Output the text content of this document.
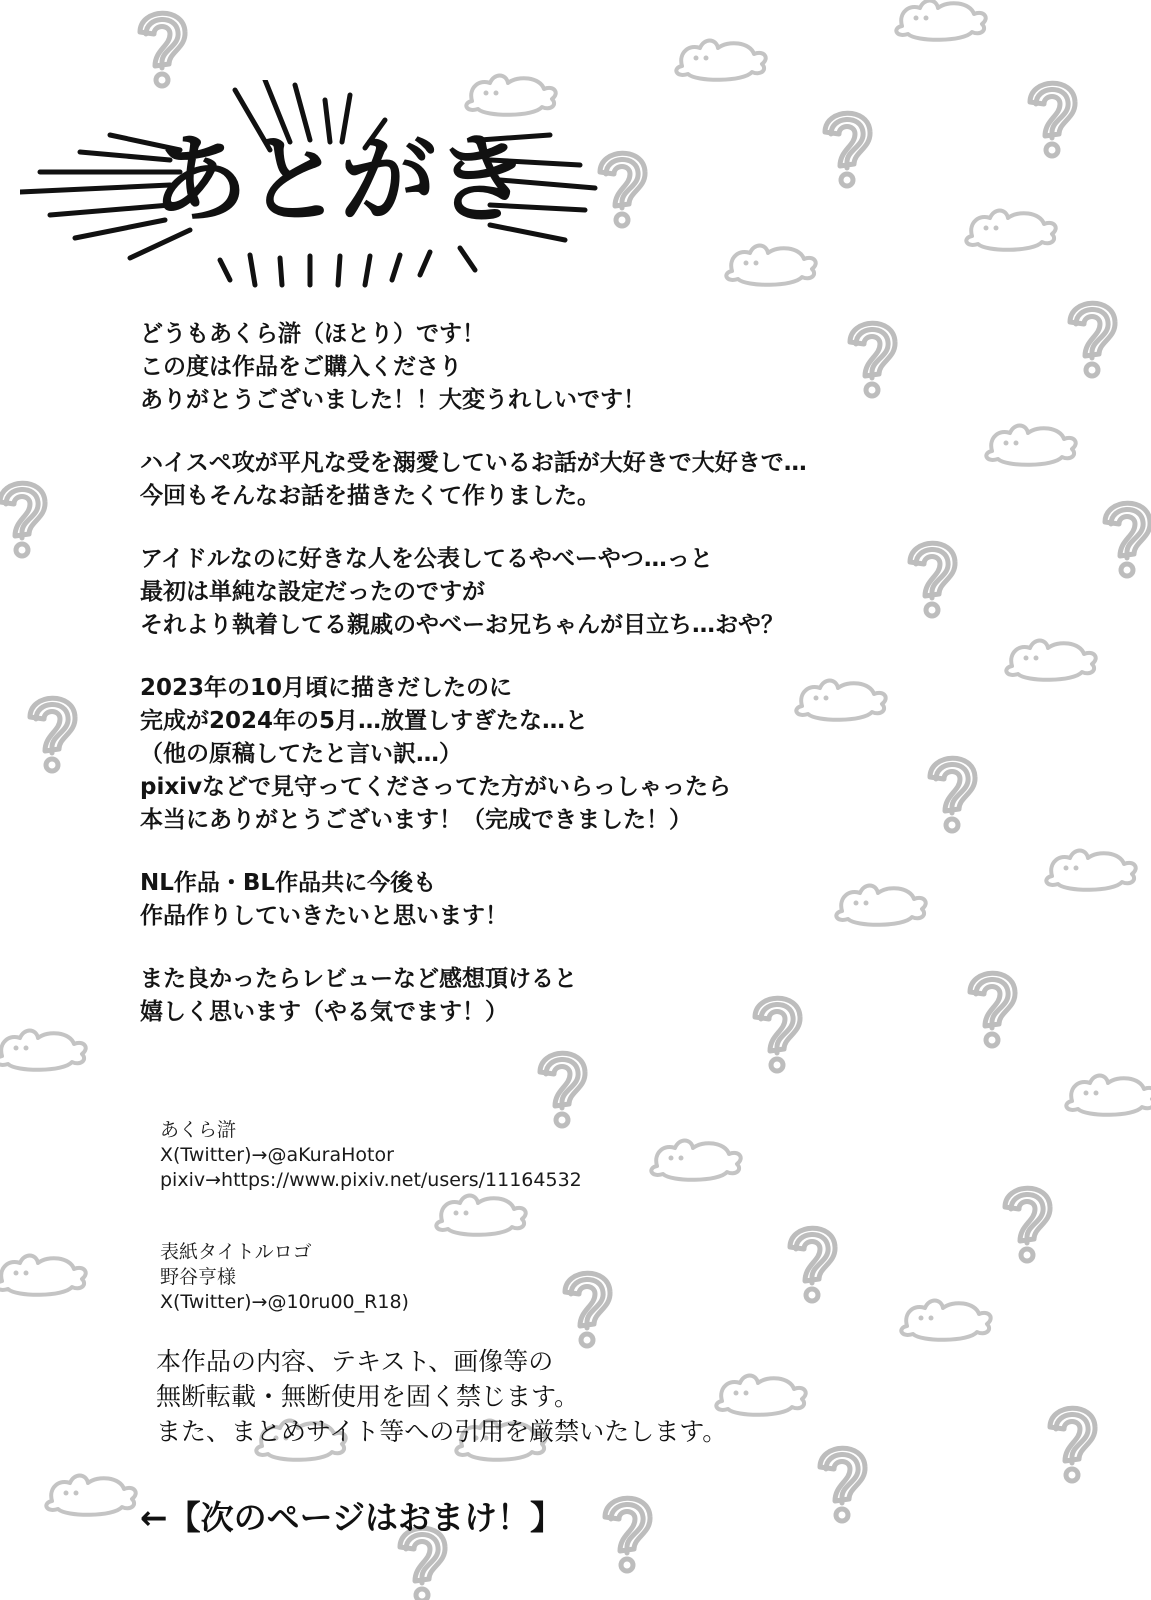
あとがき
どうもあくら滸（ほとり）です！
この度は作品をご購入くださり
ありがとうございました！！大変うれしいです！
ハイスペ攻が平凡な受を溺愛しているお話が大好きで大好きで…
今回もそんなお話を描きたくて作りました。
アイドルなのに好きな人を公表してるやべーやつ…っと
最初は単純な設定だったのですが
それより執着してる親戚のやべーお兄ちゃんが目立ち…おや？
2023年の10月頃に描きだしたのに
完成が2024年の5月…放置しすぎたな…と
（他の原稿してたと言い訳…）
pixivなどで見守ってくださってた方がいらっしゃったら
本当にありがとうございます！（完成できました！）
NL作品・BL作品共に今後も
作品作りしていきたいと思います！
また良かったらレビューなど感想頂けると
嬉しく思います（やる気でます！）
あくら滸
X(Twitter)→@aKuraHotor
pixiv→https://www.pixiv.net/users/11164532
表紙タイトルロゴ
野谷亨様
X(Twitter)→@10ru00_R18)
本作品の内容、テキスト、画像等の
無断転載・無断使用を固く禁じます。
また、まとめサイト等への引用を厳禁いたします。
←【次のページはおまけ！】
